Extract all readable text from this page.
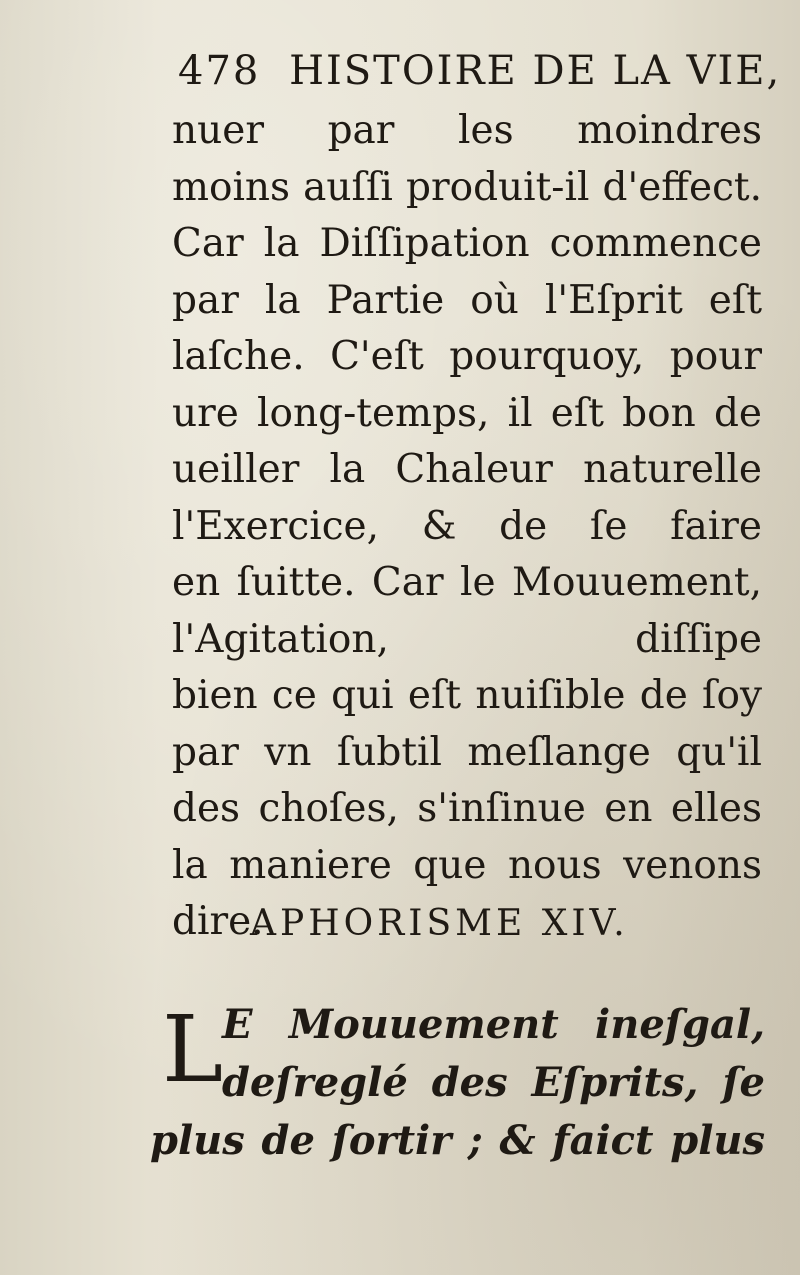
478 HISTOIRE DE LA VIE,
nuer par les moindres
moins auſſi produit-il d'effect.
Car la Diſſipation commence
par la Partie où l'Eſprit eſt
laſche. C'eſt pourquoy, pour
ure long-temps, il eſt bon de
ueiller la Chaleur naturelle
l'Exercice, & de ſe faire
en ſuitte. Car le Mouuement,
l'Agitation, diſſipe
bien ce qui eſt nuiſible de ſoy
par vn ſubtil meſlange qu'il
des choſes, s'inſinue en elles
la maniere que nous venons
dire.
APHORISME XIV.
L
E Mouuement ineſgal,
deſreglé des Eſprits, ſe
plus de ſortir ; & faict plus
